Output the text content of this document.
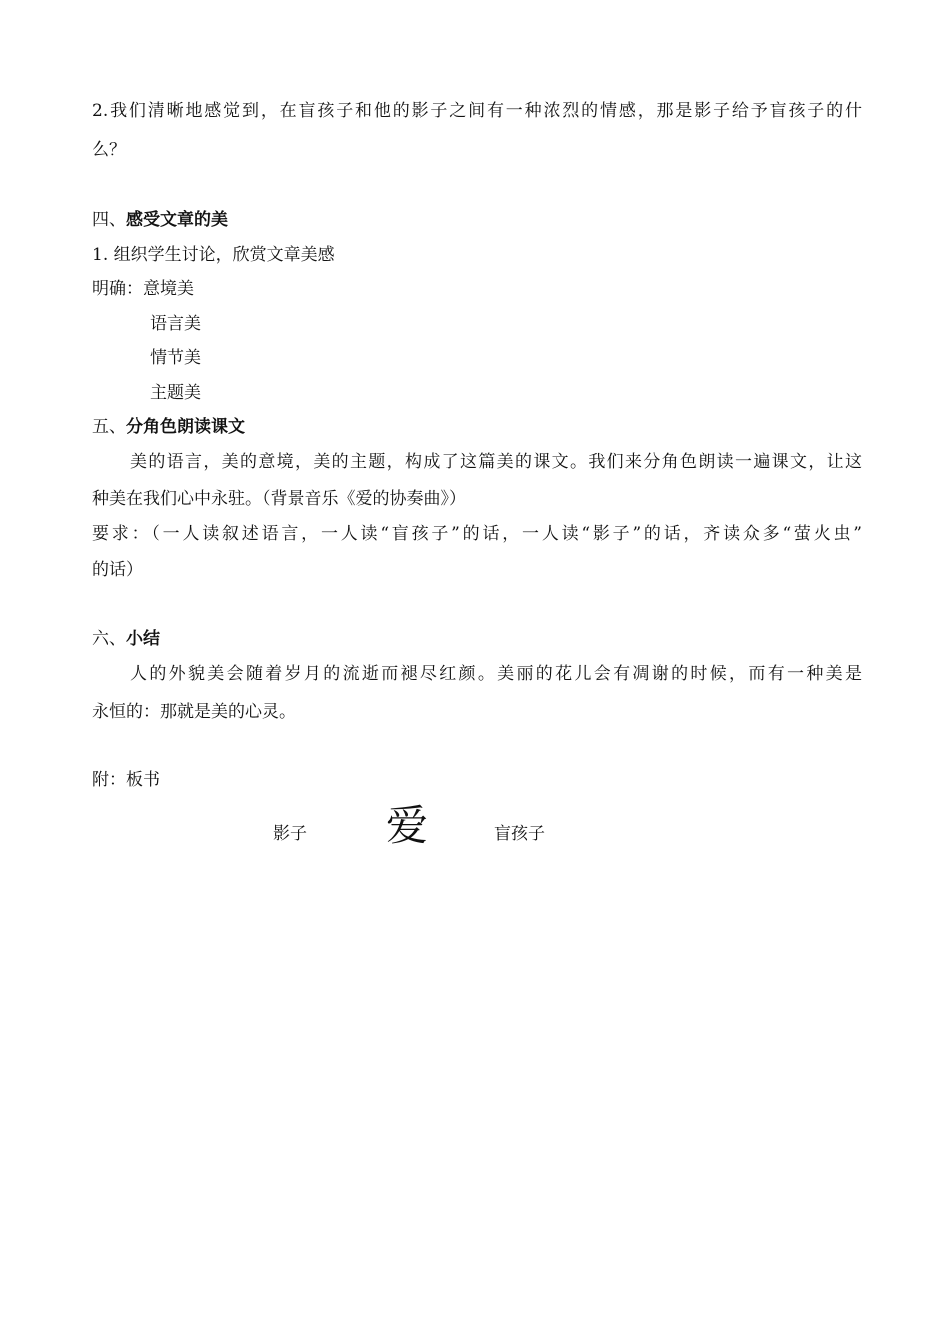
2.我们清晰地感觉到，在盲孩子和他的影子之间有一种浓烈的情感，那是影子给予盲孩子的什
么？
四、感受文章的美
1. 组织学生讨论，欣赏文章美感
明确：意境美
语言美
情节美
主题美
五、分角色朗读课文
美的语言，美的意境，美的主题，构成了这篇美的课文。我们来分角色朗读一遍课文，让这
种美在我们心中永驻。（背景音乐《爱的协奏曲》）
要求：（一人读叙述语言，一人读“盲孩子”的话，一人读“影子”的话，齐读众多“萤火虫”
的话）
六、小结
人的外貌美会随着岁月的流逝而褪尽红颜。美丽的花儿会有凋谢的时候，而有一种美是
永恒的：那就是美的心灵。
附：板书
影子 爱	盲孩子
